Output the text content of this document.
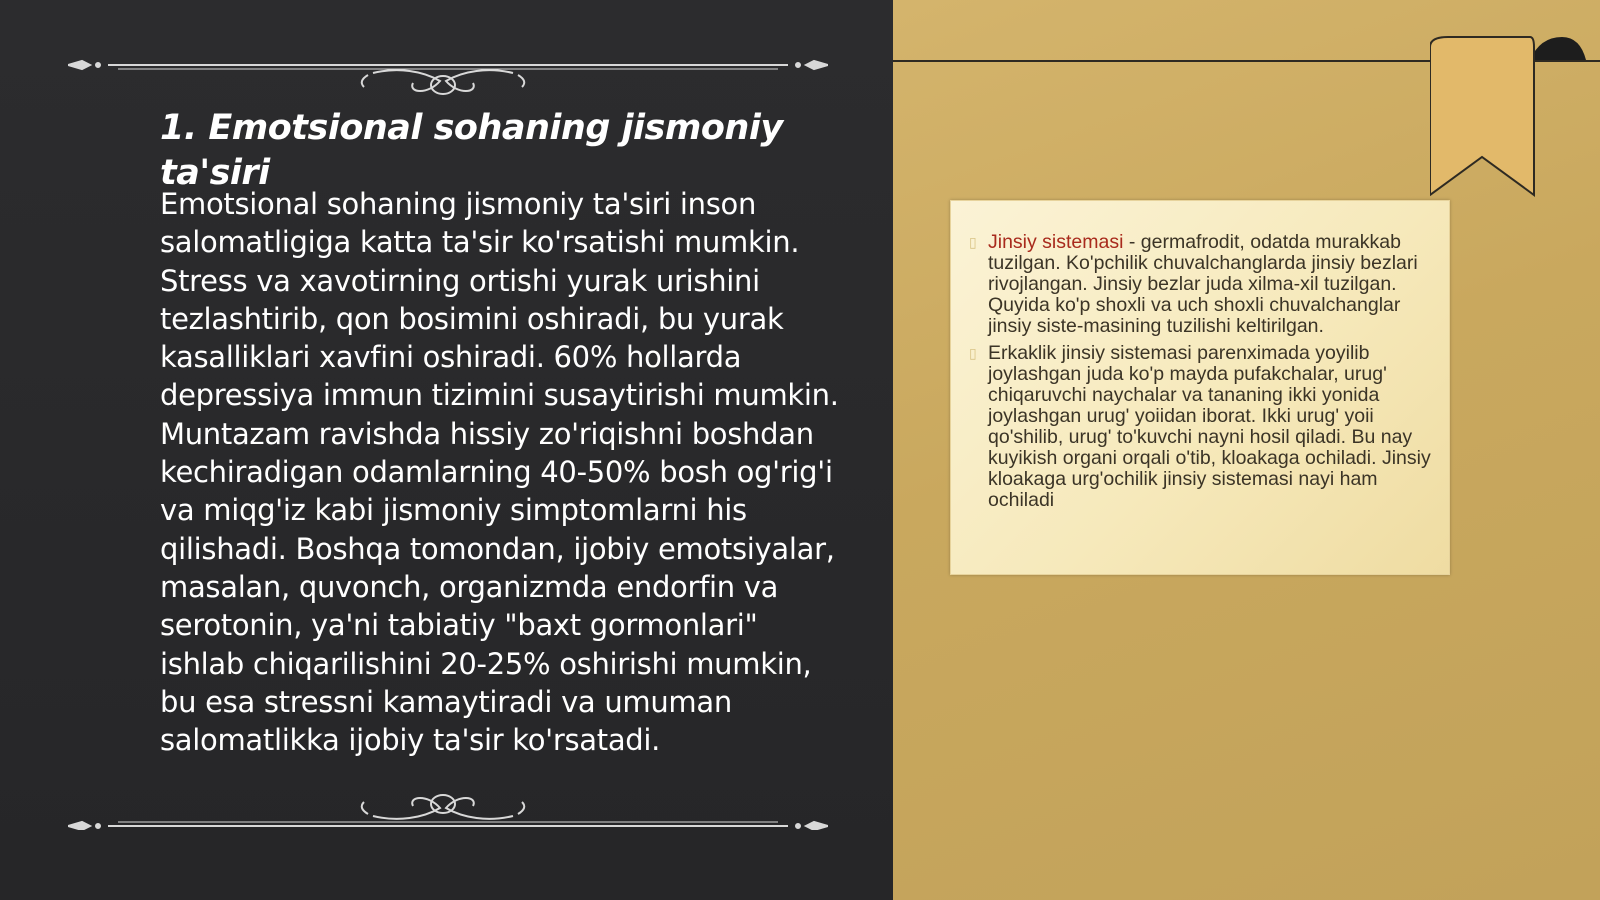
1. Emotsional sohaning jismoniy ta'siri

Emotsional sohaning jismoniy ta'siri inson salomatligiga katta ta'sir ko'rsatishi mumkin. Stress va xavotirning ortishi yurak urishini tezlashtirib, qon bosimini oshiradi, bu yurak kasalliklari xavfini oshiradi. 60% hollarda depressiya immun tizimini susaytirishi mumkin. Muntazam ravishda hissiy zo'riqishni boshdan kechiradigan odamlarning 40-50% bosh og'rig'i va miqg'iz kabi jismoniy simptomlarni his qilishadi. Boshqa tomondan, ijobiy emotsiyalar, masalan, quvonch, organizmda endorfin va serotonin, ya'ni tabiatiy "baxt gormonlari" ishlab chiqarilishini 20-25% oshirishi mumkin, bu esa stressni kamaytiradi va umuman salomatlikka ijobiy ta'sir ko'rsatadi.

▯ Jinsiy sistemasi - germafrodit, odatda murakkab tuzilgan. Ko'pchilik chuvalchanglarda jinsiy bezlari rivojlangan. Jinsiy bezlar juda xilma-xil tuzilgan. Quyida ko'p shoxli va uch shoxli chuvalchanglar jinsiy siste-masining tuzilishi keltirilgan.
▯ Erkaklik jinsiy sistemasi parenximada yoyilib joylashgan juda ko'p mayda pufakchalar, urug' chiqaruvchi naychalar va tananing ikki yonida joylashgan urug' yoiidan iborat. Ikki urug' yoii qo'shilib, urug' to'kuvchi nayni hosil qiladi. Bu nay kuyikish organi orqali o'tib, kloakaga ochiladi. Jinsiy kloakaga urg'ochilik jinsiy sistemasi nayi ham ochiladi
